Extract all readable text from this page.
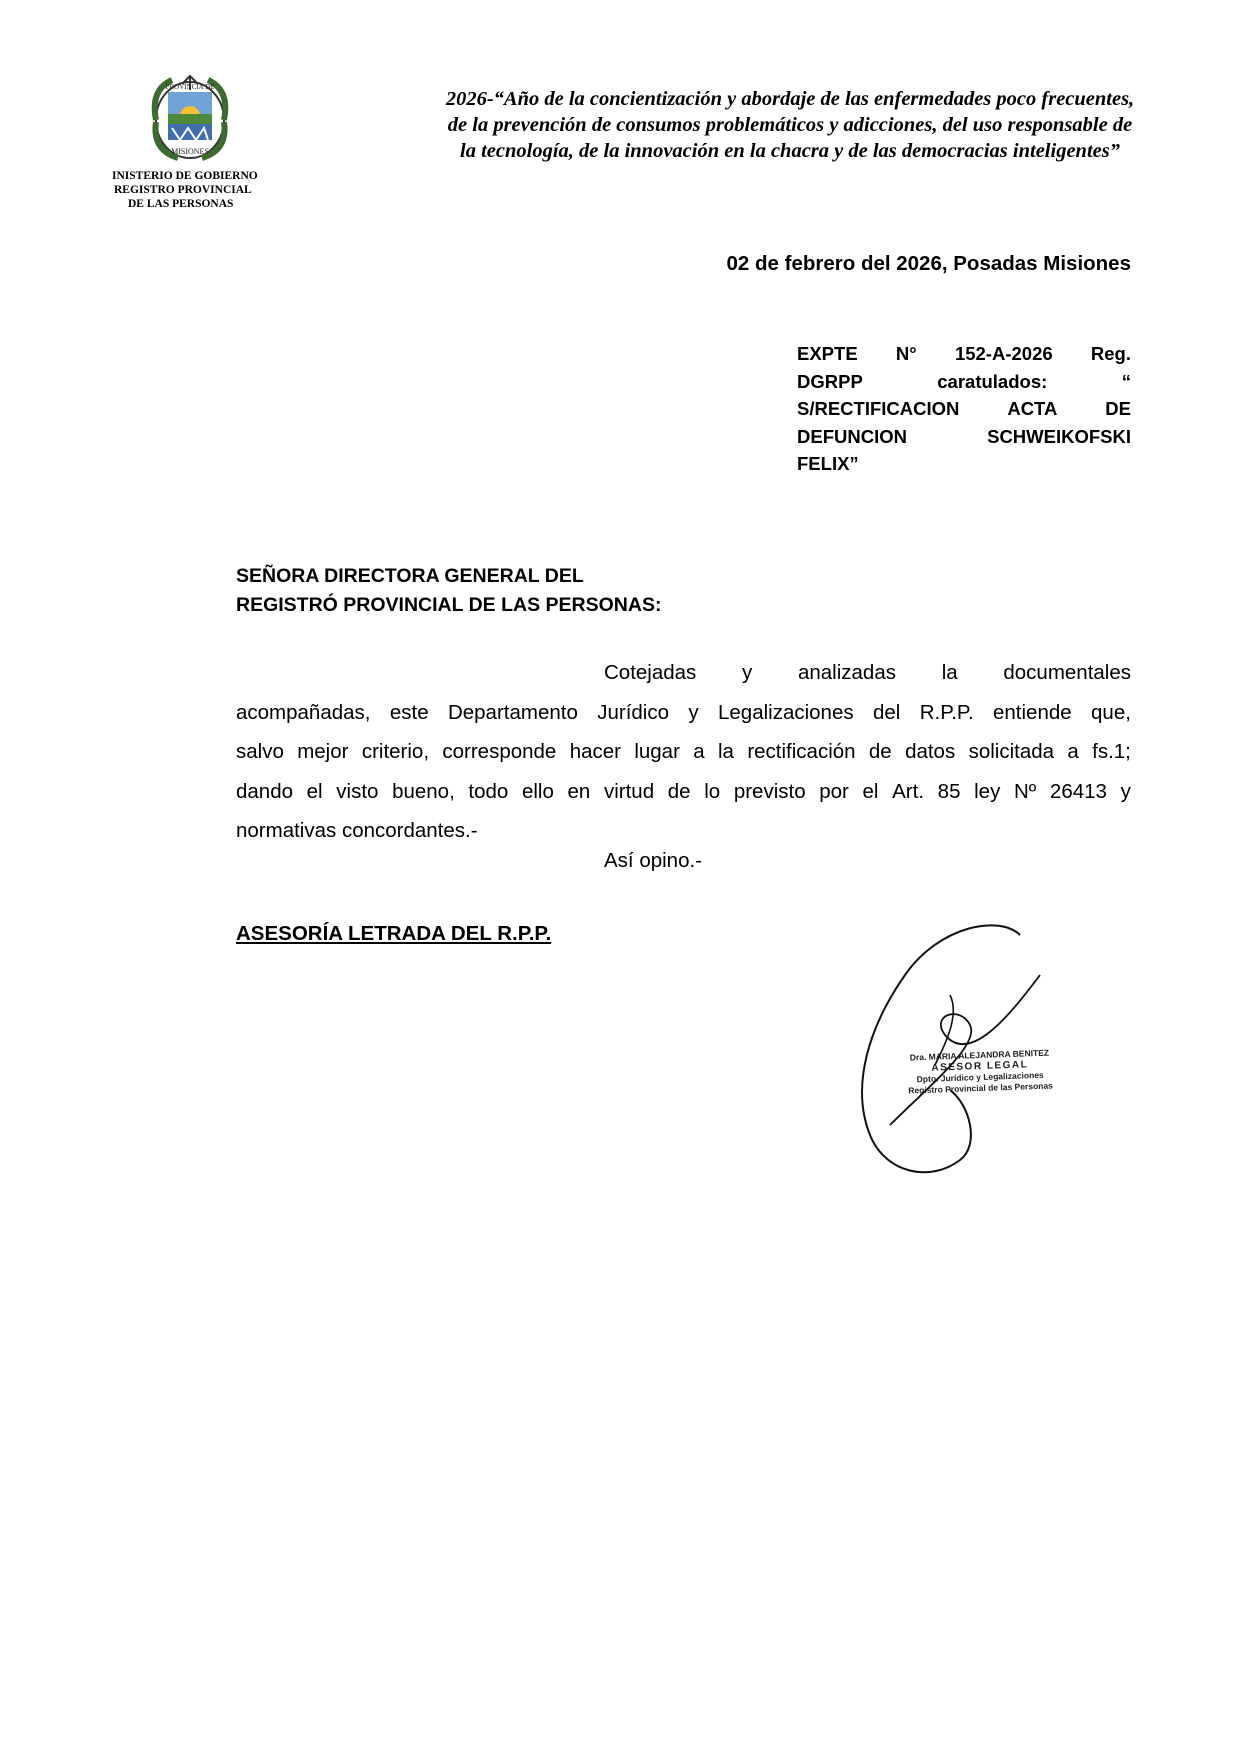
PROVINCIA DE
MISIONES
INISTERIO DE GOBIERNO
REGISTRO PROVINCIAL
DE LAS PERSONAS
2026-“Año de la concientización y abordaje de las enfermedades poco frecuentes,
de la prevención de consumos problemáticos y adicciones, del uso responsable de
la tecnología, de la innovación en la chacra y de las democracias inteligentes”
02 de febrero del 2026, Posadas Misiones
EXPTE N° 152-A-2026 Reg.
DGRPP	caratulados:	“
S/RECTIFICACION	ACTA	DE
DEFUNCION	SCHWEIKOFSKI
FELIX”
SEÑORA DIRECTORA GENERAL DEL
REGISTRÓ PROVINCIAL DE LAS PERSONAS:
Cotejadas y analizadas la documentales
acompañadas, este Departamento Jurídico y Legalizaciones del R.P.P. entiende que,
salvo mejor criterio, corresponde hacer lugar a la rectificación de datos solicitada a fs.1;
dando el visto bueno, todo ello en virtud de lo previsto por el Art. 85 ley Nº 26413 y
normativas concordantes.-
Así opino.-
ASESORÍA LETRADA DEL R.P.P.
Dra. MARIA ALEJANDRA BENITEZ
ASESOR LEGAL
Dpto. Jurídico y Legalizaciones
Registro Provincial de las Personas
